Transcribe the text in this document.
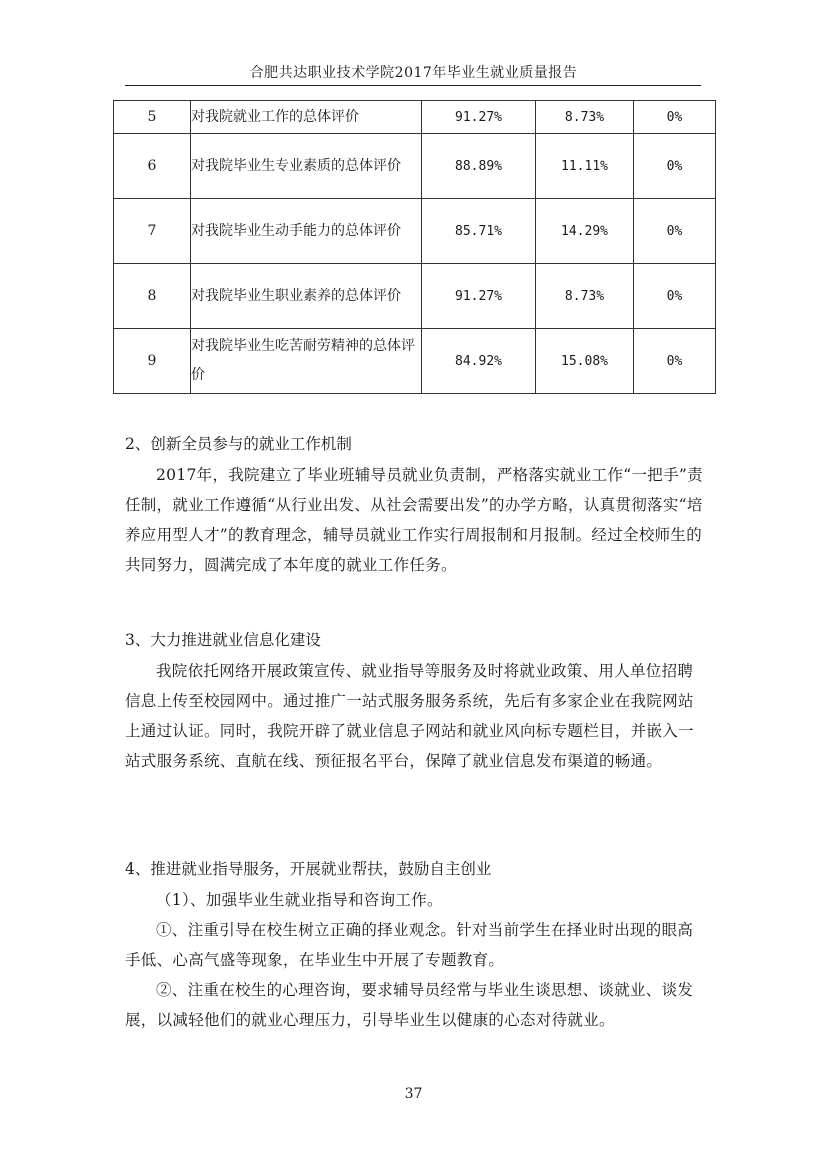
合肥共达职业技术学院2017年毕业生就业质量报告
5	对我院就业工作的总体评价	91.27%	8.73%	0%
6	对我院毕业生专业素质的总体评价	88.89%	11.11%	0%
7	对我院毕业生动手能力的总体评价	85.71%	14.29%	0%
8	对我院毕业生职业素养的总体评价	91.27%	8.73%	0%
9	对我院毕业生吃苦耐劳精神的总体评价	84.92%	15.08%	0%
2、创新全员参与的就业工作机制

2017年，我院建立了毕业班辅导员就业负责制，严格落实就业工作“一把手”责任制，就业工作遵循“从行业出发、从社会需要出发”的办学方略，认真贯彻落实“培养应用型人才”的教育理念，辅导员就业工作实行周报制和月报制。经过全校师生的共同努力，圆满完成了本年度的就业工作任务。

3、大力推进就业信息化建设

我院依托网络开展政策宣传、就业指导等服务及时将就业政策、用人单位招聘信息上传至校园网中。通过推广一站式服务服务系统，先后有多家企业在我院网站上通过认证。同时，我院开辟了就业信息子网站和就业风向标专题栏目，并嵌入一站式服务系统、直航在线、预征报名平台，保障了就业信息发布渠道的畅通。

4、推进就业指导服务，开展就业帮扶，鼓励自主创业

（1）、加强毕业生就业指导和咨询工作。

①、注重引导在校生树立正确的择业观念。针对当前学生在择业时出现的眼高手低、心高气盛等现象，在毕业生中开展了专题教育。

②、注重在校生的心理咨询，要求辅导员经常与毕业生谈思想、谈就业、谈发展，以减轻他们的就业心理压力，引导毕业生以健康的心态对待就业。

37
